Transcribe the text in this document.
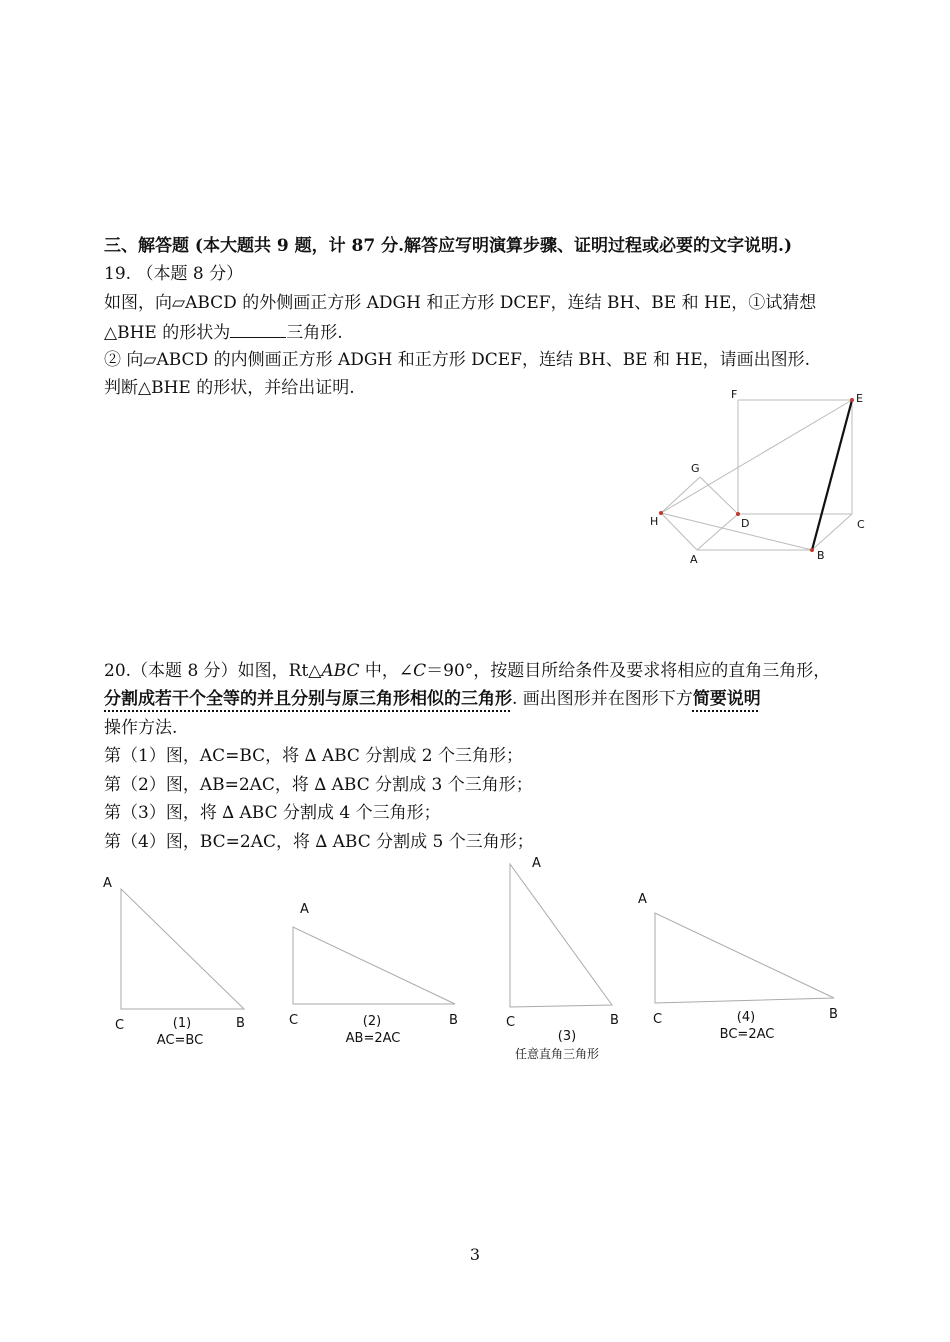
三、解答题 (本大题共 9 题，计 87 分.解答应写明演算步骤、证明过程或必要的文字说明.)
19. （本题 8 分）
如图，向▱ABCD 的外侧画正方形 ADGH 和正方形 DCEF，连结 BH、BE 和 HE，①试猜想
△BHE 的形状为	三角形.
② 向▱ABCD 的内侧画正方形 ADGH 和正方形 DCEF，连结 BH、BE 和 HE，请画出图形.
判断△BHE 的形状，并给出证明.	F	E
G
H	D	C
A	B
20.（本题 8 分）如图，Rt△ABC 中，∠C＝90°，按题目所给条件及要求将相应的直角三角形，
分割成若干个全等的并且分别与原三角形相似的三角形. 画出图形并在图形下方简要说明
操作方法.
第（1）图，AC=BC，将 ∆ ABC 分割成 2 个三角形；
第（2）图，AB=2AC，将 ∆ ABC 分割成 3 个三角形；
第（3）图，将 ∆ ABC 分割成 4 个三角形；
第（4）图，BC=2AC，将 ∆ ABC 分割成 5 个三角形；
A
C	B
(1)
AC=BC
A
C	B
(2)
AB=2AC
A
C	B
(3)
任意直角三角形
A
C	B
(4)
BC=2AC
3
